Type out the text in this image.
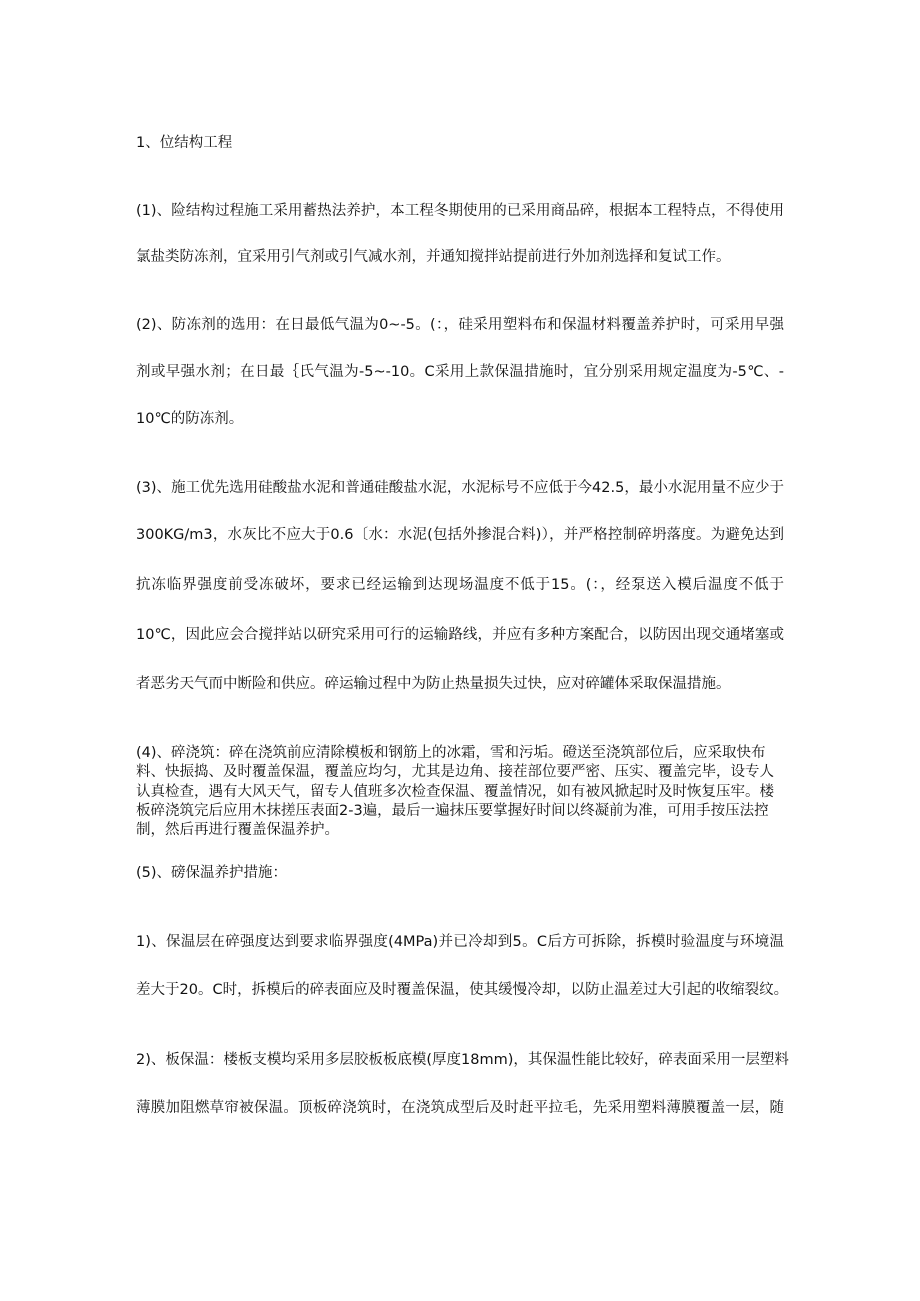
1、位结构工程

(1)、险结构过程施工采用蓄热法养护，本工程冬期使用的已采用商品碎，根据本工程特点，不得使用

氯盐类防冻剂，宜采用引气剂或引气减水剂，并通知搅拌站提前进行外加剂选择和复试工作。

(2)、防冻剂的选用：在日最低气温为0~-5。(：，硅采用塑料布和保温材料覆盖养护时，可采用早强

剂或早强水剂；在日最｛氏气温为-5~-10。C采用上款保温措施时，宜分别采用规定温度为-5℃、-

10℃的防冻剂。

(3)、施工优先选用硅酸盐水泥和普通硅酸盐水泥，水泥标号不应低于今42.5，最小水泥用量不应少于

300KG∕m3，水灰比不应大于0.6〔水：水泥(包括外掺混合料)），并严格控制碎坍落度。为避免达到

抗冻临界强度前受冻破坏，要求已经运输到达现场温度不低于15。(：，经泵送入模后温度不低于

10℃，因此应会合搅拌站以研究采用可行的运输路线，并应有多种方案配合，以防因出现交通堵塞或

者恶劣天气而中断险和供应。碎运输过程中为防止热量损失过快，应对碎罐体采取保温措施。

(4)、碎浇筑：碎在浇筑前应清除模板和钢筋上的冰霜，雪和污垢。磴送至浇筑部位后，应采取快布
料、快振捣、及时覆盖保温，覆盖应均匀，尤其是边角、接茬部位要严密、压实、覆盖完毕，设专人
认真检查，遇有大风天气，留专人值班多次检查保温、覆盖情况，如有被风掀起时及时恢复压牢。楼
板碎浇筑完后应用木抹搓压表面2-3遍，最后一遍抹压要掌握好时间以终凝前为准，可用手按压法控
制，然后再进行覆盖保温养护。

(5)、磅保温养护措施：

1)、保温层在碎强度达到要求临界强度(4MPa)并已冷却到5。C后方可拆除，拆模时验温度与环境温

差大于20。C时，拆模后的碎表面应及时覆盖保温，使其缓慢冷却，以防止温差过大引起的收缩裂纹。

2)、板保温：楼板支模均采用多层胶板板底模(厚度18mm)，其保温性能比较好，碎表面采用一层塑料

薄膜加阻燃草帘被保温。顶板碎浇筑时，在浇筑成型后及时赶平拉毛，先采用塑料薄膜覆盖一层，随
